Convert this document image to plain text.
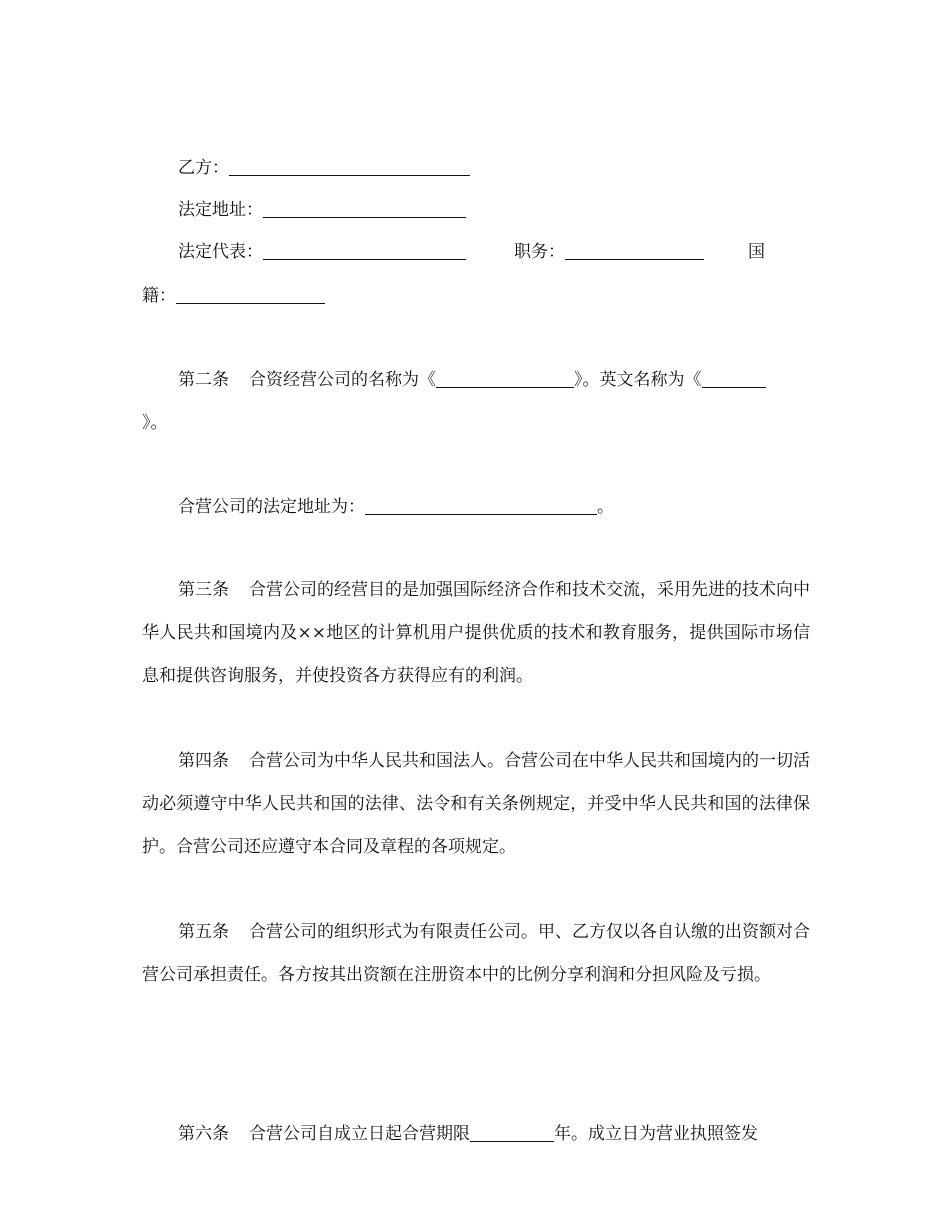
乙方：
法定地址：
法定代表：	职务：	国
籍：
第二条 合资经营公司的名称为《	》。英文名称为《
》。
合营公司的法定地址为：	。
第三条 合营公司的经营目的是加强国际经济合作和技术交流，采用先进的技术向中华人民共和国境内及××地区的计算机用户提供优质的技术和教育服务，提供国际市场信息和提供咨询服务，并使投资各方获得应有的利润。
第四条 合营公司为中华人民共和国法人。合营公司在中华人民共和国境内的一切活动必须遵守中华人民共和国的法律、法令和有关条例规定，并受中华人民共和国的法律保护。合营公司还应遵守本合同及章程的各项规定。
第五条 合营公司的组织形式为有限责任公司。甲、乙方仅以各自认缴的出资额对合营公司承担责任。各方按其出资额在注册资本中的比例分享利润和分担风险及亏损。
第六条 合营公司自成立日起合营期限	年。成立日为营业执照签发
